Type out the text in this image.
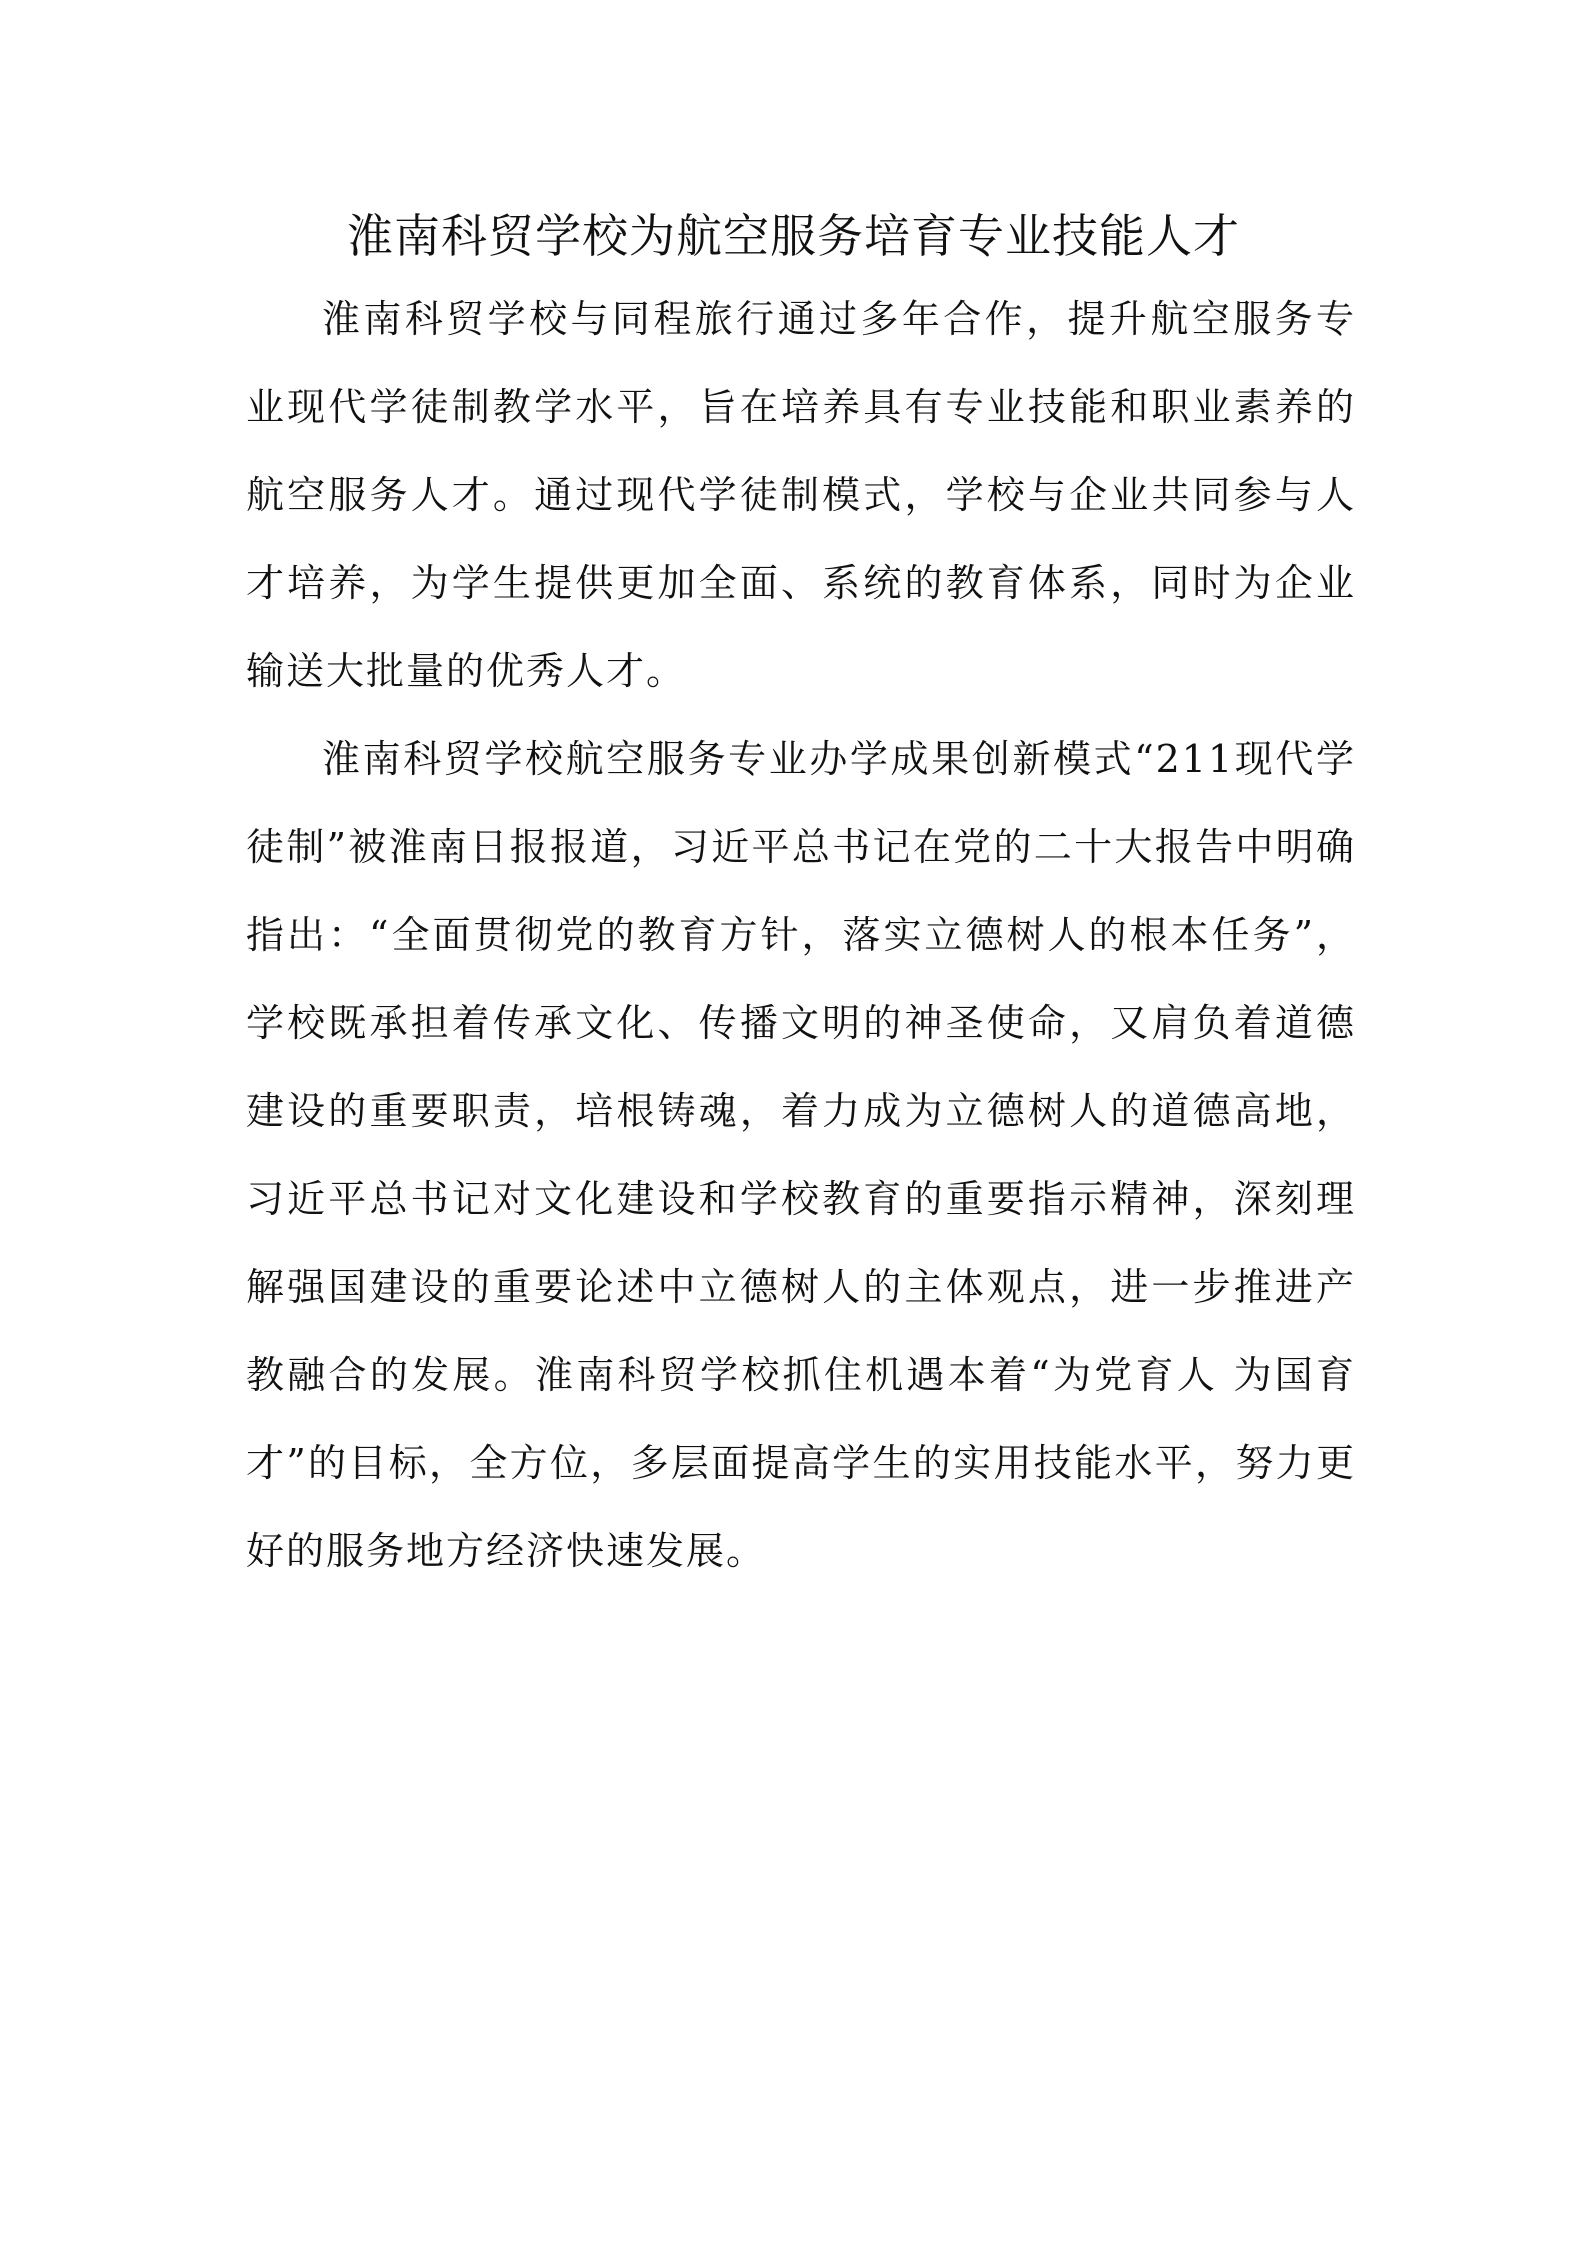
淮南科贸学校为航空服务培育专业技能人才

淮南科贸学校与同程旅行通过多年合作，提升航空服务专业现代学徒制教学水平，旨在培养具有专业技能和职业素养的航空服务人才。通过现代学徒制模式，学校与企业共同参与人才培养，为学生提供更加全面、系统的教育体系，同时为企业输送大批量的优秀人才。

淮南科贸学校航空服务专业办学成果创新模式“211现代学徒制”被淮南日报报道，习近平总书记在党的二十大报告中明确指出：“全面贯彻党的教育方针，落实立德树人的根本任务”，学校既承担着传承文化、传播文明的神圣使命，又肩负着道德建设的重要职责，培根铸魂，着力成为立德树人的道德高地，习近平总书记对文化建设和学校教育的重要指示精神，深刻理解强国建设的重要论述中立德树人的主体观点，进一步推进产教融合的发展。淮南科贸学校抓住机遇本着“为党育人 为国育才”的目标，全方位，多层面提高学生的实用技能水平，努力更好的服务地方经济快速发展。
